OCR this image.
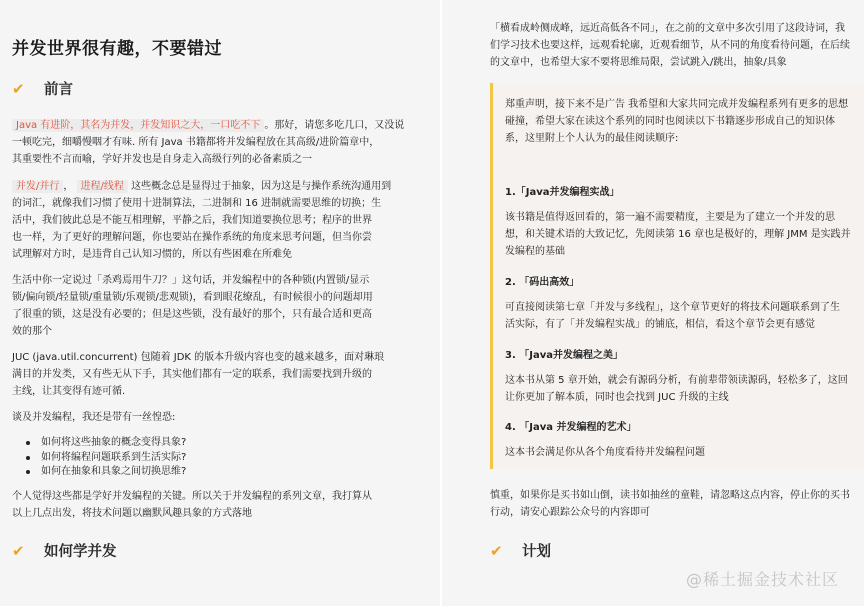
并发世界很有趣，不要错过
✔	前言
Java 有进阶，其名为并发，并发知识之大，一口吃不下 。那好，请您多吃几口，又没说
一顿吃完，细嚼慢咽才有味. 所有 Java 书籍都将并发编程放在其高级/进阶篇章中，
其重要性不言而喻，学好并发也是自身走入高级行列的必备素质之一
并发/并行 ， 进程/线程 这些概念总是显得过于抽象，因为这是与操作系统沟通用到
的词汇，就像我们习惯了使用十进制算法，二进制和 16 进制就需要思维的切换；生
活中，我们彼此总是不能互相理解，平静之后，我们知道要换位思考；程序的世界
也一样，为了更好的理解问题，你也要站在操作系统的角度来思考问题，但当你尝
试理解对方时，是违背自己认知习惯的，所以有些困难在所难免
生活中你一定说过「杀鸡焉用牛刀？」这句话，并发编程中的各种锁(内置锁/显示
锁/偏向锁/轻量锁/重量锁/乐观锁/悲观锁)，看到眼花缭乱，有时候很小的问题却用
了很重的锁，这是没有必要的；但是这些锁，没有最好的那个，只有最合适和更高
效的那个
JUC (java.util.concurrent) 包随着 JDK 的版本升级内容也变的越来越多，面对琳琅
满目的并发类，又有些无从下手，其实他们都有一定的联系，我们需要找到升级的
主线，让其变得有迹可循.
谈及并发编程，我还是带有一丝惶恐:
如何将这些抽象的概念变得具象?
如何将编程问题联系到生活实际?
如何在抽象和具象之间切换思维?
个人觉得这些都是学好并发编程的关键。所以关于并发编程的系列文章，我打算从
以上几点出发，将技术问题以幽默风趣具象的方式落地
✔	如何学并发
「横看成岭侧成峰，远近高低各不同」，在之前的文章中多次引用了这段诗词，我
们学习技术也要这样，远观看轮廓，近观看细节，从不同的角度看待问题，在后续
的文章中，也希望大家不要将思维局限，尝试跳入/跳出，抽象/具象
郑重声明，接下来不是广告 我希望和大家共同完成并发编程系列有更多的思想
碰撞，希望大家在读这个系列的同时也阅读以下书籍逐步形成自己的知识体
系，这里附上个人认为的最佳阅读顺序:
1.「Java并发编程实战」
该书籍是值得返回看的，第一遍不需要精度，主要是为了建立一个并发的思
想，和关键术语的大致记忆，先阅读第 16 章也是极好的，理解 JMM 是实践并
发编程的基础
2. 「码出高效」
可直接阅读第七章「并发与多线程」，这个章节更好的将技术问题联系到了生
活实际，有了「并发编程实战」的铺底，相信，看这个章节会更有感觉
3. 「Java并发编程之美」
这本书从第 5 章开始，就会有源码分析，有前辈带领读源码，轻松多了，这回
让你更加了解本质，同时也会找到 JUC 升级的主线
4. 「Java 并发编程的艺术」
这本书会满足你从各个角度看待并发编程问题
慎重，如果你是买书如山倒，读书如抽丝的童鞋，请忽略这点内容，停止你的买书
行动，请安心跟踪公众号的内容即可
✔	计划
@稀土掘金技术社区
